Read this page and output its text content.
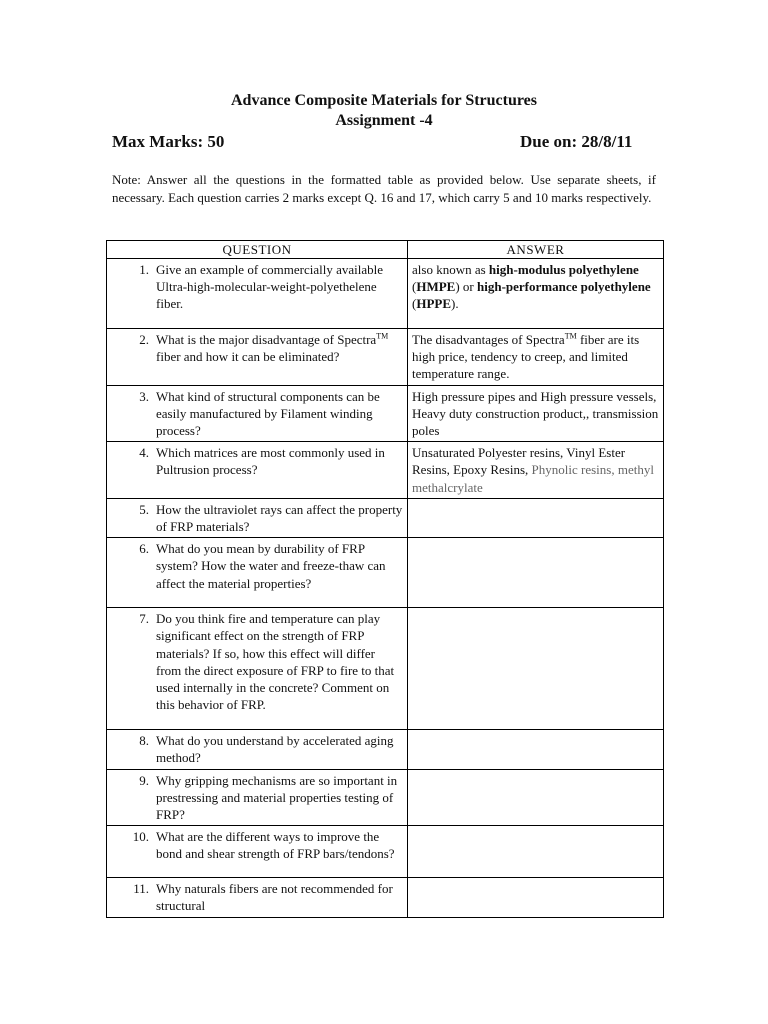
Advance Composite Materials for Structures
Assignment -4
Max Marks: 50	Due on: 28/8/11
Note: Answer all the questions in the formatted table as provided below. Use separate sheets, if necessary. Each question carries 2 marks except Q. 16 and 17, which carry 5 and 10 marks respectively.
QUESTION	ANSWER

1. Give an example of commercially available Ultra-high-molecular-weight-polyethelene fiber.	also known as high-modulus polyethylene (HMPE) or high-performance polyethylene (HPPE).

2. What is the major disadvantage of Spectra™ fiber and how it can be eliminated?	The disadvantages of Spectra™ fiber are its high price, tendency to creep, and limited temperature range.

3. What kind of structural components can be easily manufactured by Filament winding process?	High pressure pipes and High pressure vessels, Heavy duty construction product,, transmission poles

4. Which matrices are most commonly used in Pultrusion process?	Unsaturated Polyester resins, Vinyl Ester Resins, Epoxy Resins, Phynolic resins, methyl methalcrylate

5. How the ultraviolet rays can affect the property of FRP materials?	

6. What do you mean by durability of FRP system? How the water and freeze-thaw can affect the material properties?	

7. Do you think fire and temperature can play significant effect on the strength of FRP materials? If so, how this effect will differ from the direct exposure of FRP to fire to that used internally in the concrete? Comment on this behavior of FRP.	

8. What do you understand by accelerated aging method?	

9. Why gripping mechanisms are so important in prestressing and material properties testing of FRP?	

10. What are the different ways to improve the bond and shear strength of FRP bars/tendons?	

11. Why naturals fibers are not recommended for structural	
